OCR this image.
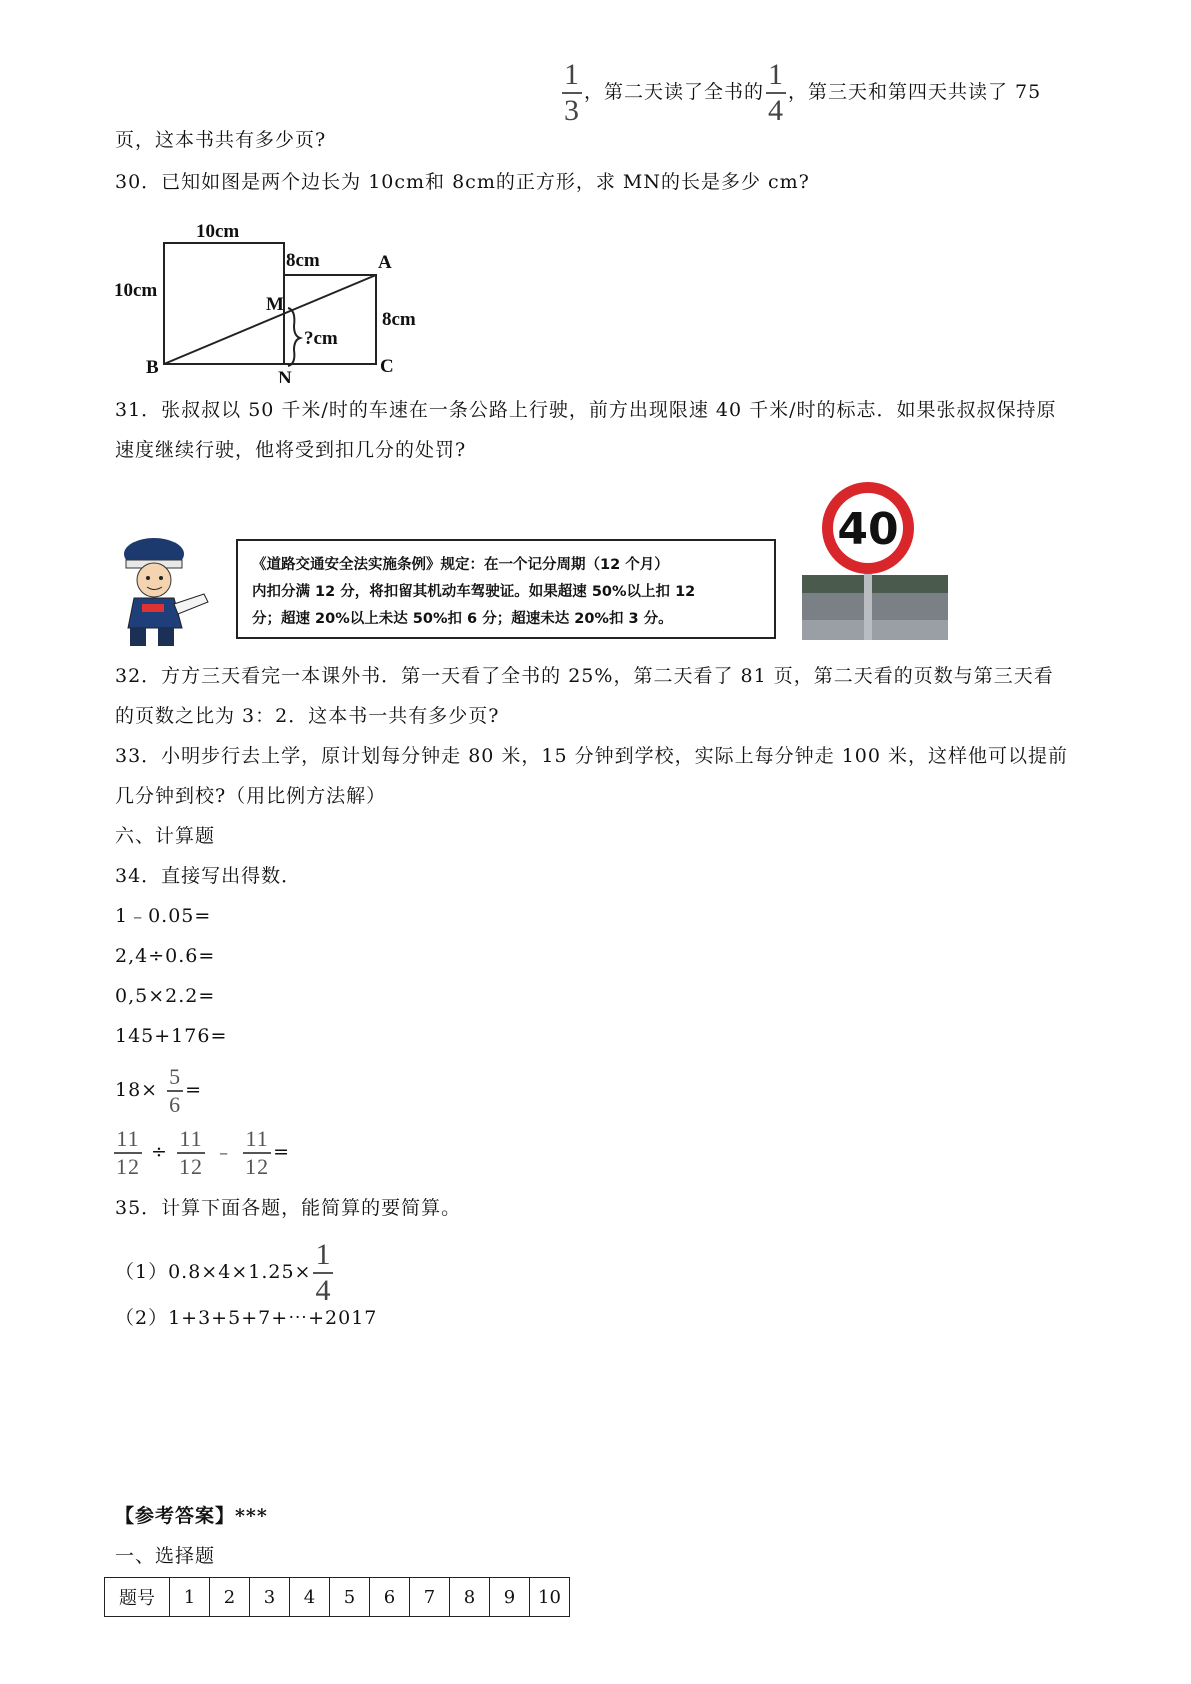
$\frac{1}{3}$ ，第二天读了全书的 $\frac{1}{4}$ ，第三天和第四天共读了 75
页，这本书共有多少页?
30．已知如图是两个边长为 10cm和 8cm的正方形，求 MN的长是多少 cm?
10cm
10cm
8cm
8cm
?cm
A
B	C
M
N
31．张叔叔以 50 千米/时的车速在一条公路上行驶，前方出现限速 40 千米/时的标志．如果张叔叔保持原
速度继续行驶，他将受到扣几分的处罚?
《道路交通安全法实施条例》规定：在一个记分周期（12 个月）
内扣分满 12 分，将扣留其机动车驾驶证。如果超速 50%以上扣 12
分；超速 20%以上未达 50%扣 6 分；超速未达 20%扣 3 分。
40
32．方方三天看完一本课外书．第一天看了全书的 25%，第二天看了 81 页，第二天看的页数与第三天看
的页数之比为 3：2．这本书一共有多少页?
33．小明步行去上学，原计划每分钟走 80 米，15 分钟到学校，实际上每分钟走 100 米，这样他可以提前
几分钟到校?（用比例方法解）
六、计算题
34．直接写出得数．
1﹣0.05=
2,4÷0.6=
0,5×2.2=
145+176=
$18\times \frac{5}{6}$ =
$\frac{11}{12} \div \frac{11}{12}$ ﹣ $\frac{11}{12}$ =
35．计算下面各题，能简算的要简算。
$(1)0.8\times 4\times 1.25\times \frac{1}{4}$
（2）1+3+5+7+⋯+2017
【参考答案】***
一、选择题
题号	1	2	3	4	5	6	7	8	9	10
